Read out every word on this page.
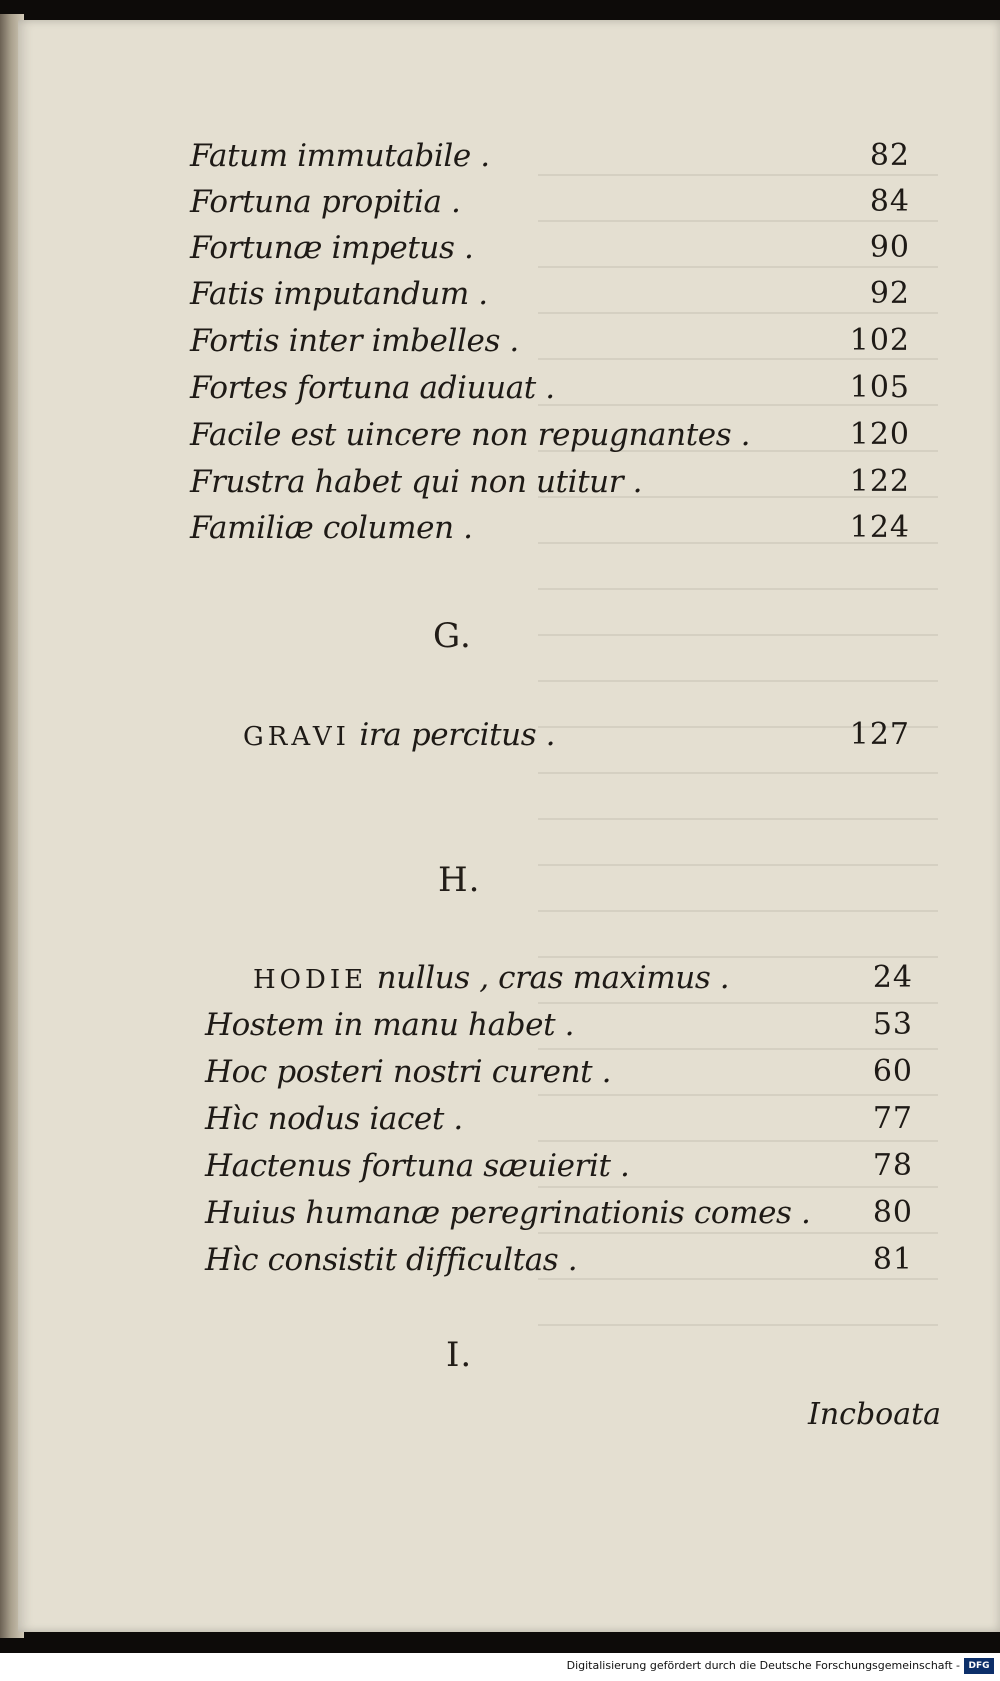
Fatum immutabile .	82
Fortuna propitia .	84
Fortunæ impetus .	90
Fatis imputandum .	92
Fortis inter imbelles .	102
Fortes fortuna adiuuat .	105
Facile est uincere non repugnantes .	120
Frustra habet qui non utitur .	122
Familiæ columen .	124
G.
GRAVI ira percitus .	127
H.
HODIE nullus , cras maximus .	24
Hostem in manu habet .	53
Hoc posteri nostri curent .	60
Hìc nodus iacet .	77
Hactenus fortuna sæuierit .	78
Huius humanæ peregrinationis comes . 80
Hìc consistit difficultas .	81
I.
Incboata
Digitalisierung gefördert durch die Deutsche Forschungsgemeinschaft - DFG
